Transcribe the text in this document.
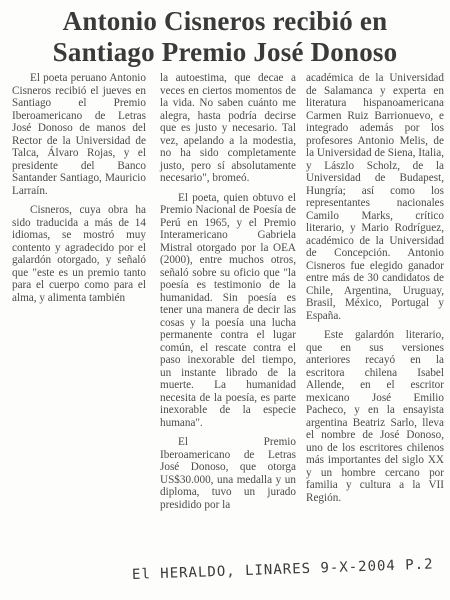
Antonio Cisneros recibió en Santiago Premio José Donoso

El poeta peruano Antonio Cisneros recibió el jueves en Santiago el Premio Iberoamericano de Letras José Donoso de manos del Rector de la Universidad de Talca, Álvaro Rojas, y el presidente del Banco Santander Santiago, Mauricio Larraín.

Cisneros, cuya obra ha sido traducida a más de 14 idiomas, se mostró muy contento y agradecido por el galardón otorgado, y señaló que "este es un premio tanto para el cuerpo como para el alma, y alimenta también

la autoestima, que decae a veces en ciertos momentos de la vida. No saben cuánto me alegra, hasta podría decirse que es justo y necesario. Tal vez, apelando a la modestia, no ha sido completamente justo, pero sí absolutamente necesario", bromeó.

El poeta, quien obtuvo el Premio Nacional de Poesía de Perú en 1965, y el Premio Interamericano Gabriela Mistral otorgado por la OEA (2000), entre muchos otros, señaló sobre su oficio que "la poesía es testimonio de la humanidad. Sin poesía es tener una manera de decir las cosas y la poesía una lucha permanente contra el lugar común, el rescate contra el paso inexorable del tiempo, un instante librado de la muerte. La humanidad necesita de la poesía, es parte inexorable de la especie humana".

El Premio Iberoamericano de Letras José Donoso, que otorga US$30.000, una medalla y un diploma, tuvo un jurado presidido por la

académica de la Universidad de Salamanca y experta en literatura hispanoamericana Carmen Ruiz Barrionuevo, e integrado además por los profesores Antonio Melis, de la Universidad de Siena, Italia, y Lászlo Scholz, de la Universidad de Budapest, Hungría; así como los representantes nacionales Camilo Marks, crítico literario, y Mario Rodríguez, académico de la Universidad de Concepción. Antonio Cisneros fue elegido ganador entre más de 30 candidatos de Chile, Argentina, Uruguay, Brasil, México, Portugal y España.

Este galardón literario, que en sus versiones anteriores recayó en la escritora chilena Isabel Allende, en el escritor mexicano José Emilio Pacheco, y en la ensayista argentina Beatriz Sarlo, lleva el nombre de José Donoso, uno de los escritores chilenos más importantes del siglo XX y un hombre cercano por familia y cultura a la VII Región.

El HERALDO, LINARES 9-X-2004 P.2
